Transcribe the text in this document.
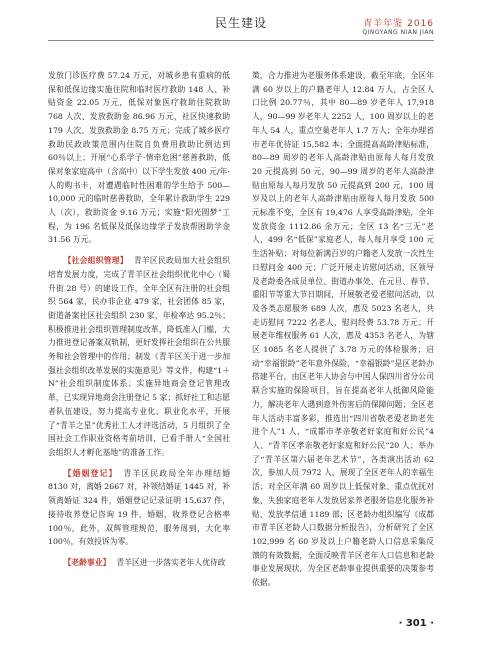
民生建设	青羊年鉴 2016
QINGYANG NIAN JIAN

发放门诊医疗费 57.24 万元，对城乡患有重病的低保和低保边缘实施住院和临时医疗救助 148 人、补贴资金 22.05 万元，低保对象医疗救助住院救助 768 人次、发放救助金 86.96 万元，社区快速救助 179 人次、发放救助金 8.75 万元；完成了城乡医疗救助民政政策范围内住院自负费用救助比例达到 60％以上；开展“心系学子·情牵危困”慈善救助，低保对象家庭高中（含高中）以下学生发放 400 元/年·人的购书卡，对遭遇临时性困难的学生给予 500—10,000 元的临时慈善救助，全年累计救助学生 229 人（次），救助资金 9.16 万元；实施“阳光圆梦”工程，为 196 名低保及低保边缘学子发放帮困助学金 31.56 万元。

【社会组织管理】 青羊区民政局加大社会组织培育发展力度，完成了青羊区社会组织优化中心（蜀升街 28 号）的建设工作，全年全区有注册的社会组织 564 家，民办非企业 479 家，社会团体 85 家，街道备案社区社会组织 230 家，年检率达 95.2％；积极推进社会组织管理制度改革，降低准入门槛，大力推进登记备案双轨制，更好发挥社会组织在公共服务和社会管理中的作用；制发《青羊区关于进一步加强社会组织改革发展的实施意见》等文件，构建“1＋N”社会组织制度体系；实施异地商会登记管理改革，已实现异地商会注册登记 5 家；抓好社工和志愿者队伍建设，努力提高专业化、职业化水平，开展了“青羊之星”优秀社工人才评选活动，5 月组织了全国社会工作职业资格考前培训，已看手册人“全国社会组织人才孵化基地”的准备工作。

【婚姻登记】 青羊区民政局全年办理结婚 8130 对，离婚 2667 对，补领结婚证 1445 对，补领离婚证 324 件，婚姻登记记录证明 15,637 件，接待收养登记咨询 19 件，婚姻、收养登记合格率 100％，此外，双辉管理规范，服务周到，大化率 100％，有效投诉为零。

【老龄事业】 青羊区进一步落实老年人优待政

策，合力推进为老服务体系建设，截至年底，全区年满 60 岁以上的户籍老年人 12.84 万人，占全区人口比例 20.77％，其中 80—89 岁老年人 17,918 人，90—99 岁老年人 2252 人，100 周岁以上的老年人 54 人，重点空巢老年人 1.7 万人；全年办理省市老年优待证 15,582 本；全面提高高龄津贴标准，80—89 周岁的老年人高龄津贴由原每人每月发放 20 元提高到 50 元，90—99 周岁的老年人高龄津贴由原每人每月发放 50 元提高到 200 元，100 周岁及以上的老年人高龄津贴由原每人每月发放 500 元标准不变，全区有 19,476 人享受高龄津贴，全年发放资金 1112.86 余万元；全区 13 名“三无”老人，499 名“低保”家庭老人，每人每月享受 100 元生活补贴；对每位新满百岁的户籍老人发放一次性生日慰问金 400 元；广泛开展走访慰问活动，区领导及老龄委各成员单位、街道办事处、在元旦、春节、重阳节等重大节日期间，开展敬老爱老慰问活动，以及各类志愿服务 689 人次，惠及 5023 名老人，共走访慰问 7222 名老人，慰问经费 53.78 万元；开展老年维权服务 61 人次，惠及 4353 名老人，为辖区 1085 名老人提供了 3.78 万元的体检服务；启动“幸福银龄”老年意外保险，“幸福银龄”是区老龄办搭建平台，由区老年人协会与中国人保四川省分公司联合实施的保险项目，旨在提高老年人抵御风险能力，解决老年人遇到意外伤害后的保障问题；全区老年人活动丰富多彩，推选出“四川省敬老爱老助老先进个人”1 人、“成都市孝亲敬老好家庭和好公民”4 人、“青羊区孝亲敬老好家庭和好公民”20 人；举办了“青羊区第六届老年艺术节”，各类演出活动 62 次，参加人员 7972 人，展现了全区老年人的幸福生活；对全区年满 60 周岁以上低保对象、重点优抚对象、失独家庭老年人发放居家养老服务信息化服务补贴，发放孝信通 1189 部；区老龄办组织编写《成都市青羊区老龄人口数据分析报告》，分析研究了全区 102,999 名 60 岁及以上户籍老龄人口信息采集反馈的有效数据，全面反映青羊区老年人口信息和老龄事业发展现状，为全区老龄事业提供重要的决策参考依据。

· 301 ·
